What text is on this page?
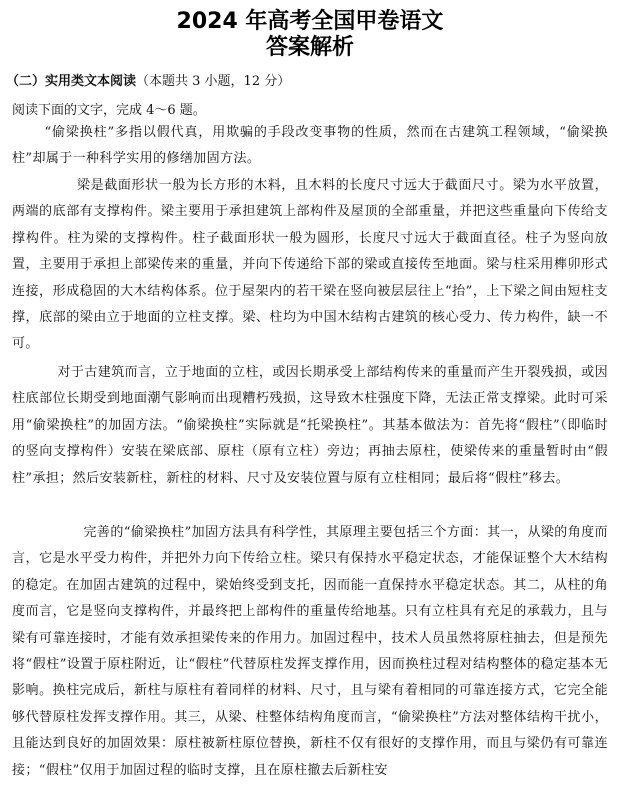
2024 年高考全国甲卷语文
答案解析
（二）实用类文本阅读（本题共 3 小题，12 分）
阅读下面的文字，完成 4～6 题。
“偷梁换柱”多指以假代真，用欺骗的手段改变事物的性质，然而在古建筑工程领域，“偷梁换柱”却属于一种科学实用的修缮加固方法。
梁是截面形状一般为长方形的木料，且木料的长度尺寸远大于截面尺寸。梁为水平放置，两端的底部有支撑构件。梁主要用于承担建筑上部构件及屋顶的全部重量，并把这些重量向下传给支撑构件。柱为梁的支撑构件。柱子截面形状一般为圆形，长度尺寸远大于截面直径。柱子为竖向放置，主要用于承担上部梁传来的重量，并向下传递给下部的梁或直接传至地面。梁与柱采用榫卯形式连接，形成稳固的大木结构体系。位于屋架内的若干梁在竖向被层层往上“抬”，上下梁之间由短柱支撑，底部的梁由立于地面的立柱支撑。梁、柱均为中国木结构古建筑的核心受力、传力构件，缺一不可。
对于古建筑而言，立于地面的立柱，或因长期承受上部结构传来的重量而产生开裂残损，或因柱底部位长期受到地面潮气影响而出现糟朽残损，这导致木柱强度下降，无法正常支撑梁。此时可采用“偷梁换柱”的加固方法。“偷梁换柱”实际就是“托梁换柱”。其基本做法为：首先将“假柱”（即临时的竖向支撑构件）安装在梁底部、原柱（原有立柱）旁边；再抽去原柱，使梁传来的重量暂时由“假柱”承担；然后安装新柱，新柱的材料、尺寸及安装位置与原有立柱相同；最后将“假柱”移去。
完善的“偷梁换柱”加固方法具有科学性，其原理主要包括三个方面：其一，从梁的角度而言，它是水平受力构件，并把外力向下传给立柱。梁只有保持水平稳定状态，才能保证整个大木结构的稳定。在加固古建筑的过程中，梁始终受到支托，因而能一直保持水平稳定状态。其二，从柱的角度而言，它是竖向支撑构件，并最终把上部构件的重量传给地基。只有立柱具有充足的承载力，且与梁有可靠连接时，才能有效承担梁传来的作用力。加固过程中，技术人员虽然将原柱抽去，但是预先将“假柱”设置于原柱附近，让“假柱”代替原柱发挥支撑作用，因而换柱过程对结构整体的稳定基本无影响。换柱完成后，新柱与原柱有着同样的材料、尺寸，且与梁有着相同的可靠连接方式，它完全能够代替原柱发挥支撑作用。其三，从梁、柱整体结构角度而言，“偷梁换柱”方法对整体结构干扰小，且能达到良好的加固效果：原柱被新柱原位替换，新柱不仅有很好的支撑作用，而且与梁仍有可靠连接；“假柱”仅用于加固过程的临时支撑，且在原柱撤去后新柱安
